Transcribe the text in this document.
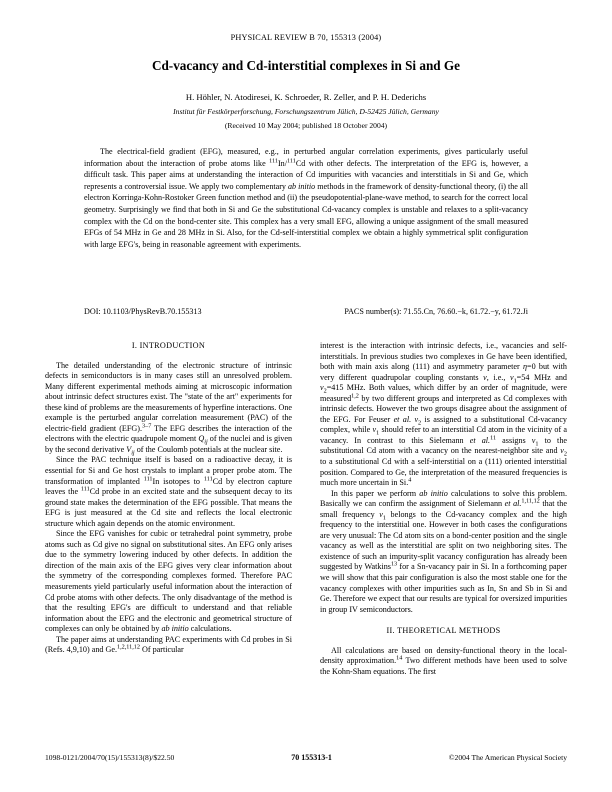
PHYSICAL REVIEW B 70, 155313 (2004)
Cd-vacancy and Cd-interstitial complexes in Si and Ge
H. Höhler, N. Atodiresei, K. Schroeder, R. Zeller, and P. H. Dederichs
Institut für Festkörperforschung, Forschungszentrum Jülich, D-52425 Jülich, Germany
(Received 10 May 2004; published 18 October 2004)
The electrical-field gradient (EFG), measured, e.g., in perturbed angular correlation experiments, gives particularly useful information about the interaction of probe atoms like $^{111}$In/$^{111}$Cd with other defects. The interpretation of the EFG is, however, a difficult task. This paper aims at understanding the interaction of Cd impurities with vacancies and interstitials in Si and Ge, which represents a controversial issue. We apply two complementary ab initio methods in the framework of density-functional theory, (i) the all electron Korringa-Kohn-Rostoker Green function method and (ii) the pseudopotential-plane-wave method, to search for the correct local geometry. Surprisingly we find that both in Si and Ge the substitutional Cd-vacancy complex is unstable and relaxes to a split-vacancy complex with the Cd on the bond-center site. This complex has a very small EFG, allowing a unique assignment of the small measured EFGs of 54 MHz in Ge and 28 MHz in Si. Also, for the Cd-self-interstitial complex we obtain a highly symmetrical split configuration with large EFG's, being in reasonable agreement with experiments.
DOI: 10.1103/PhysRevB.70.155313	PACS number(s): 71.55.Cn, 76.60.−k, 61.72.−y, 61.72.Ji
I. INTRODUCTION

The detailed understanding of the electronic structure of intrinsic defects in semiconductors is in many cases still an unresolved problem. Many different experimental methods aiming at microscopic information about intrinsic defect structures exist. The "state of the art" experiments for these kind of problems are the measurements of hyperfine interactions. One example is the perturbed angular correlation measurement (PAC) of the electric-field gradient (EFG).$^{3-7}$ The EFG describes the interaction of the electrons with the electric quadrupole moment $Q_{ij}$ of the nuclei and is given by the second derivative $V_{ij}$ of the Coulomb potentials at the nuclear site.

Since the PAC technique itself is based on a radioactive decay, it is essential for Si and Ge host crystals to implant a proper probe atom. The transformation of implanted $^{111}$In isotopes to $^{111}$Cd by electron capture leaves the $^{111}$Cd probe in an excited state and the subsequent decay to its ground state makes the determination of the EFG possible. That means the EFG is just measured at the Cd site and reflects the local electronic structure which again depends on the atomic environment.

Since the EFG vanishes for cubic or tetrahedral point symmetry, probe atoms such as Cd give no signal on substitutional sites. An EFG only arises due to the symmetry lowering induced by other defects. In addition the direction of the main axis of the EFG gives very clear information about the symmetry of the corresponding complexes formed. Therefore PAC measurements yield particularly useful information about the interaction of Cd probe atoms with other defects. The only disadvantage of the method is that the resulting EFG's are difficult to understand and that reliable information about the EFG and the electronic and geometrical structure of complexes can only be obtained by ab initio calculations.

The paper aims at understanding PAC experiments with Cd probes in Si (Refs. 4,9,10) and Ge.$^{1,2,11,12}$ Of particular

interest is the interaction with intrinsic defects, i.e., vacancies and self-interstitials. In previous studies two complexes in Ge have been identified, both with main axis along (111) and asymmetry parameter η=0 but with very different quadrupolar coupling constants ν, i.e., $\nu_1=54$ MHz and $\nu_2=415$ MHz. Both values, which differ by an order of magnitude, were measured$^{1,2}$ by two different groups and interpreted as Cd complexes with intrinsic defects. However the two groups disagree about the assignment of the EFG. For Feuser et al. $\nu_2$ is assigned to a substitutional Cd-vacancy complex, while $\nu_1$ should refer to an interstitial Cd atom in the vicinity of a vacancy. In contrast to this Sielemann et al.$^{11}$ assigns $\nu_1$ to the substitutional Cd atom with a vacancy on the nearest-neighbor site and $\nu_2$ to a substitutional Cd with a self-interstitial on a (111) oriented interstitial position. Compared to Ge, the interpretation of the measured frequencies is much more uncertain in Si.$^4$

In this paper we perform ab initio calculations to solve this problem. Basically we can confirm the assignment of Sielemann et al.$^{1,11,12}$ that the small frequency $\nu_1$ belongs to the Cd-vacancy complex and the high frequency to the interstitial one. However in both cases the configurations are very unusual: The Cd atom sits on a bond-center position and the single vacancy as well as the interstitial are split on two neighboring sites. The existence of such an impurity-split vacancy configuration has already been suggested by Watkins$^{13}$ for a Sn-vacancy pair in Si. In a forthcoming paper we will show that this pair configuration is also the most stable one for the vacancy complexes with other impurities such as In, Sn and Sb in Si and Ge. Therefore we expect that our results are typical for oversized impurities in group IV semiconductors.

II. THEORETICAL METHODS

All calculations are based on density-functional theory in the local-density approximation.$^{14}$ Two different methods have been used to solve the Kohn-Sham equations. The first

1098-0121/2004/70(15)/155313(8)/$22.50	70 155313-1	©2004 The American Physical Society
